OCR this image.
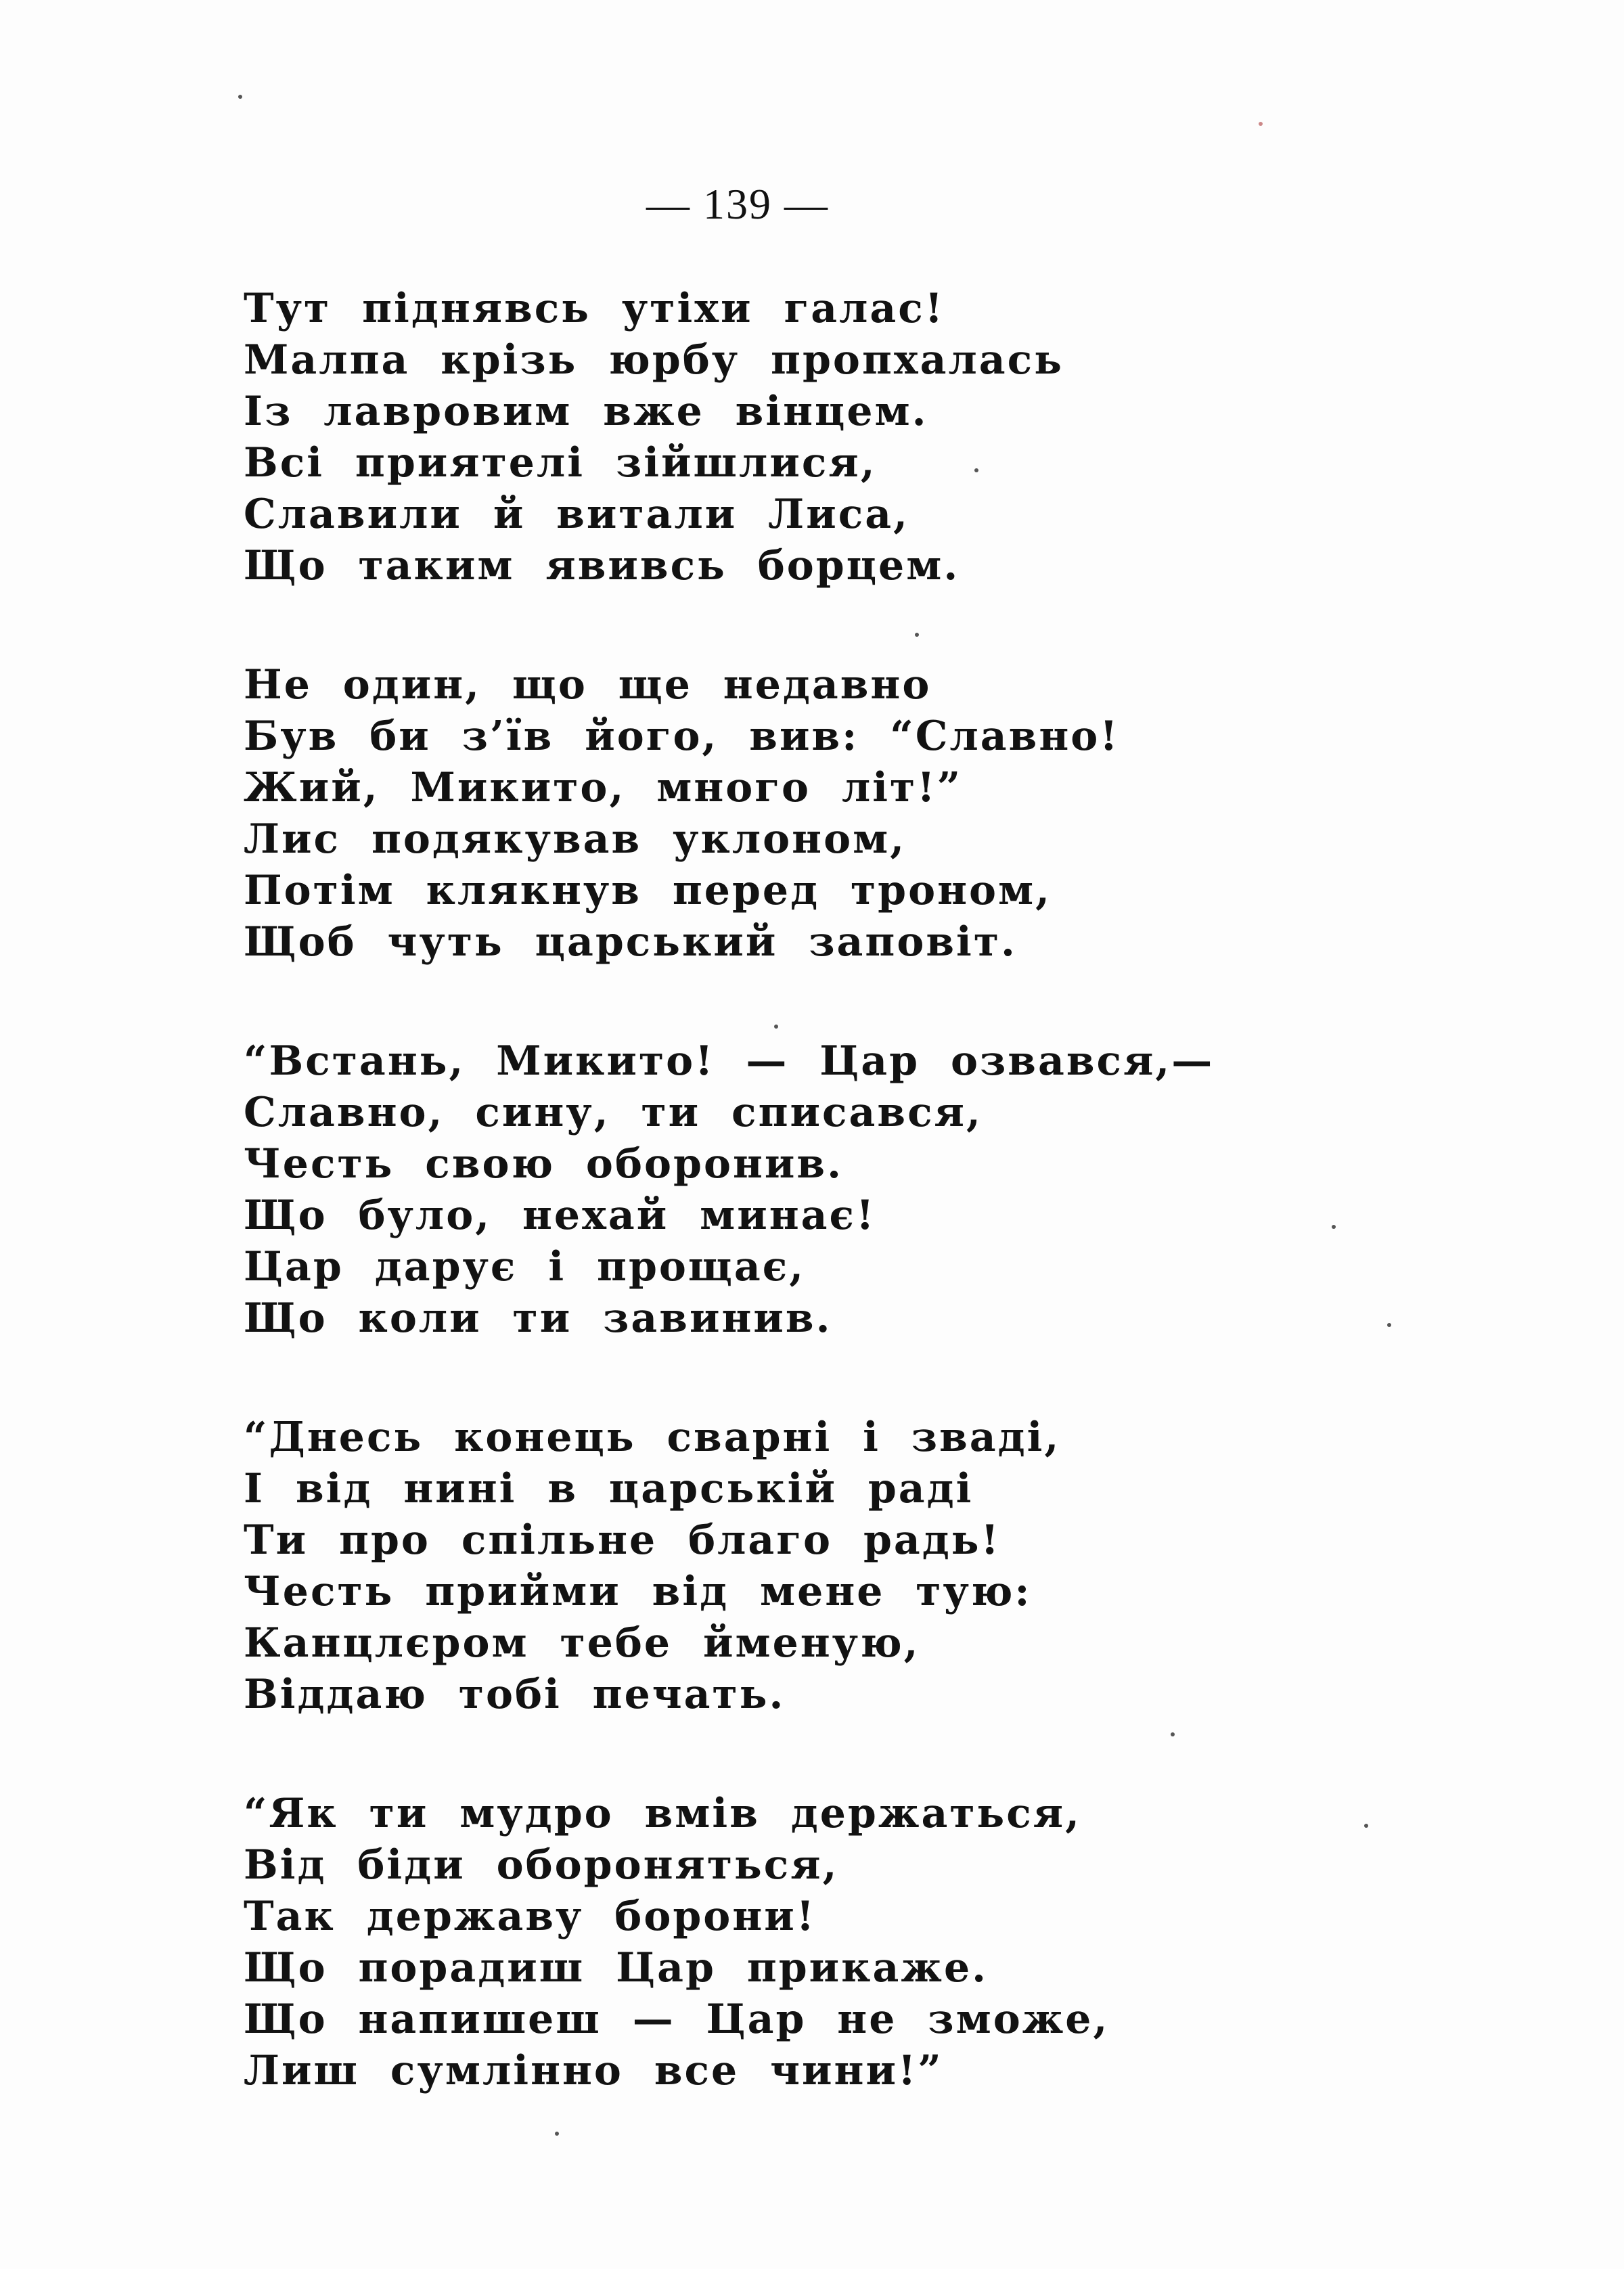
— 139 —
Тут піднявсь утіхи галас!
Малпа крізь юрбу пропхалась
Із лавровим вже вінцем.
Всі приятелі зійшлися,
Славили й витали Лиса,
Що таким явивсь борцем.
Не один, що ще недавно
Був би з’їв його, вив: “Славно!
Жий, Микито, много літ!”
Лис подякував уклоном,
Потім клякнув перед троном,
Щоб чуть царський заповіт.
“Встань, Микито! — Цар озвався,—
Славно, сину, ти списався,
Честь свою оборонив.
Що було, нехай минає!
Цар дарує і прощає,
Що коли ти завинив.
“Днесь конець сварні і зваді,
І від нині в царській раді
Ти про спільне благо радь!
Честь прийми від мене тую:
Канцлєром тебе йменую,
Віддаю тобі печать.
“Як ти мудро вмів держаться,
Від біди обороняться,
Так державу борони!
Що порадиш Цар прикаже.
Що напишеш — Цар не зможе,
Лиш сумлінно все чини!”
